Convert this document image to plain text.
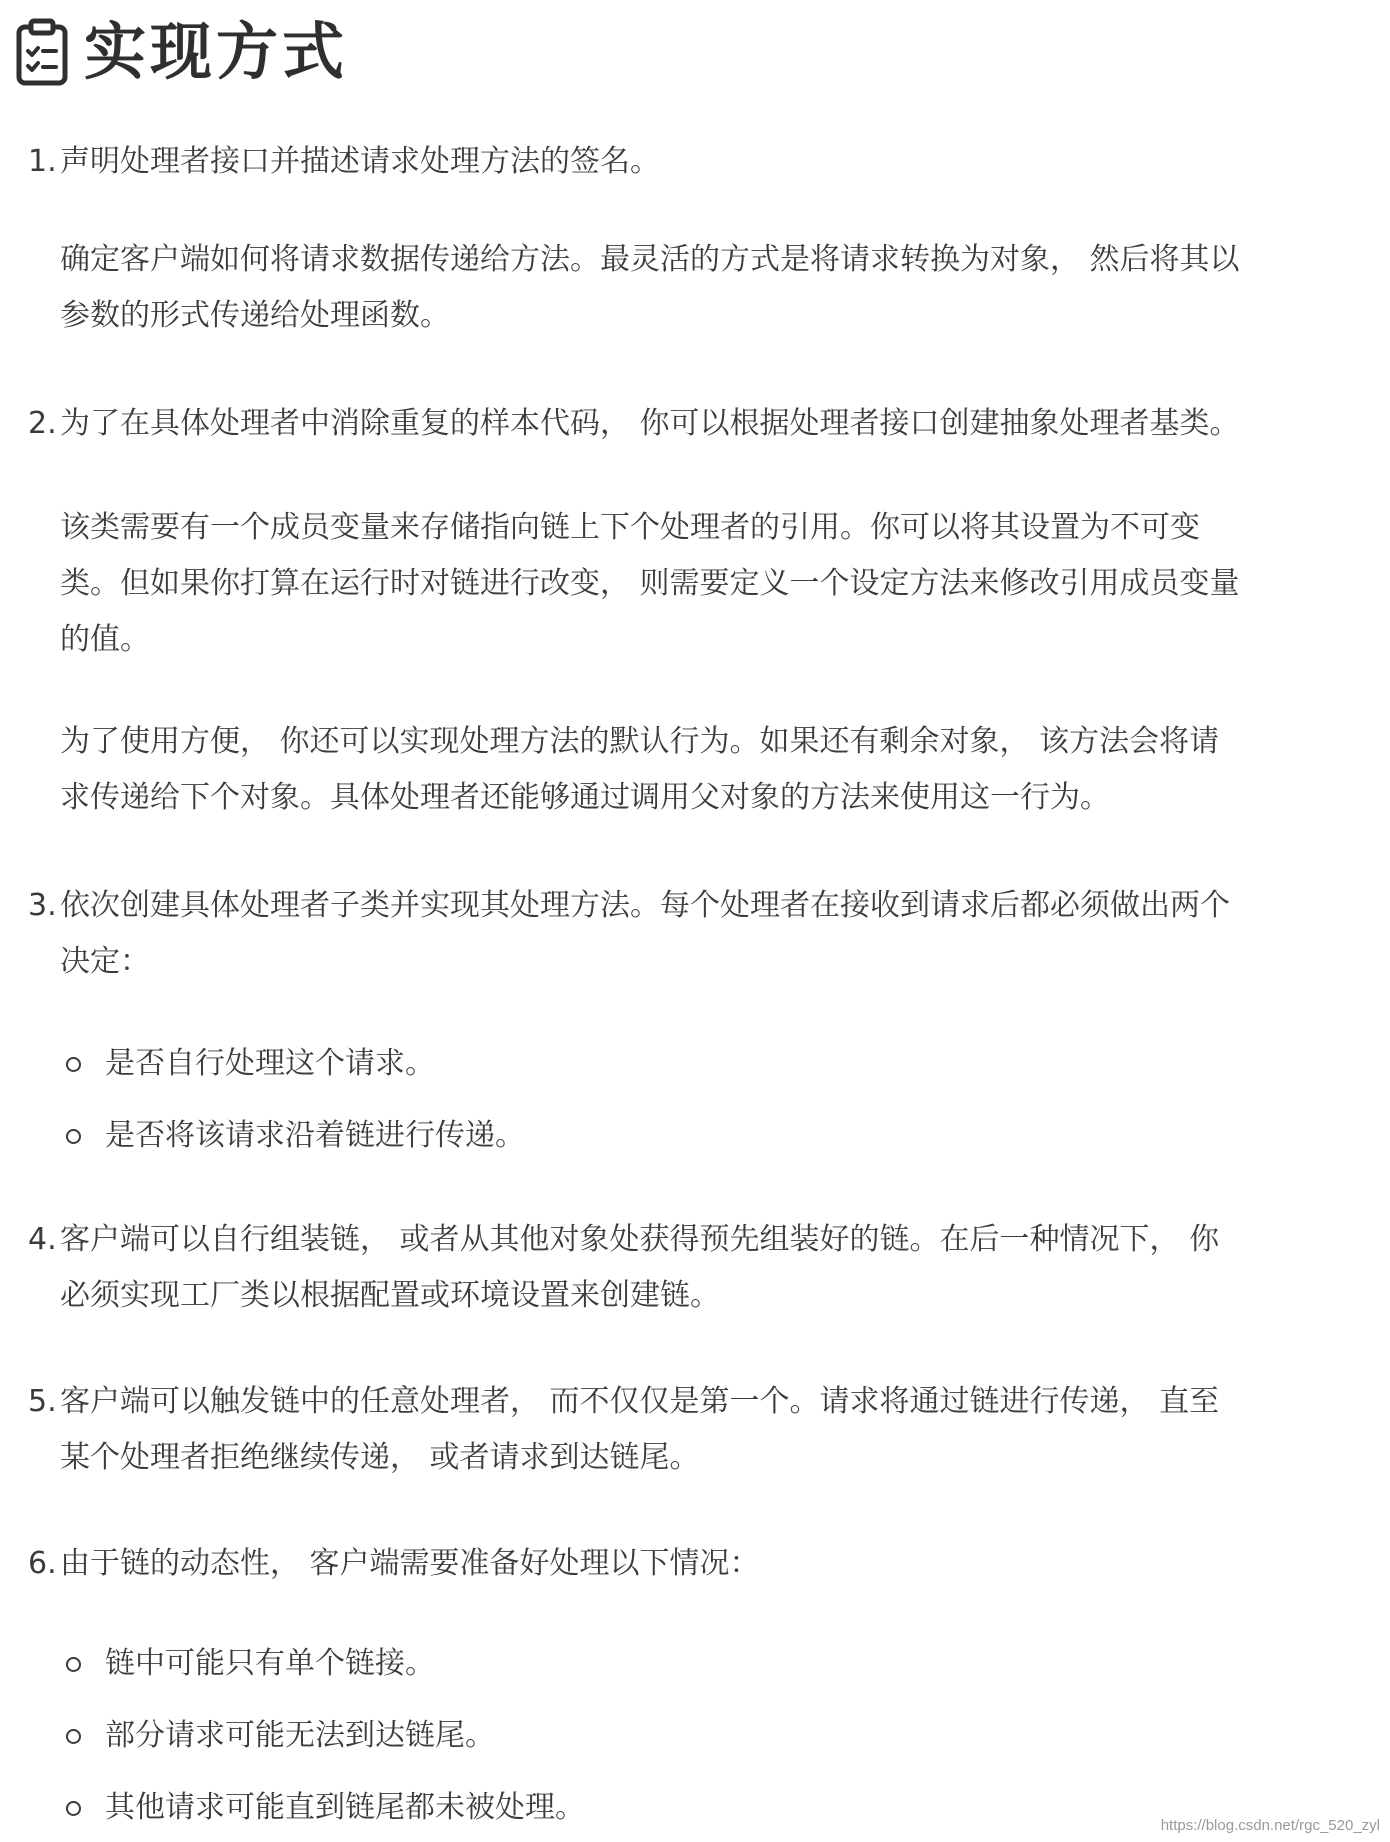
实现方式
1. 声明处理者接口并描述请求处理方法的签名。
确定客户端如何将请求数据传递给方法。最灵活的方式是将请求转换为对象， 然后将其以
参数的形式传递给处理函数。
2. 为了在具体处理者中消除重复的样本代码， 你可以根据处理者接口创建抽象处理者基类。
该类需要有一个成员变量来存储指向链上下个处理者的引用。你可以将其设置为不可变
类。但如果你打算在运行时对链进行改变， 则需要定义一个设定方法来修改引用成员变量
的值。
为了使用方便， 你还可以实现处理方法的默认行为。如果还有剩余对象， 该方法会将请
求传递给下个对象。具体处理者还能够通过调用父对象的方法来使用这一行为。
3. 依次创建具体处理者子类并实现其处理方法。每个处理者在接收到请求后都必须做出两个
决定：
是否自行处理这个请求。
是否将该请求沿着链进行传递。
4. 客户端可以自行组装链， 或者从其他对象处获得预先组装好的链。在后一种情况下， 你
必须实现工厂类以根据配置或环境设置来创建链。
5. 客户端可以触发链中的任意处理者， 而不仅仅是第一个。请求将通过链进行传递， 直至
某个处理者拒绝继续传递， 或者请求到达链尾。
6. 由于链的动态性， 客户端需要准备好处理以下情况：
链中可能只有单个链接。
部分请求可能无法到达链尾。
其他请求可能直到链尾都未被处理。
https://blog.csdn.net/rgc_520_zyl
